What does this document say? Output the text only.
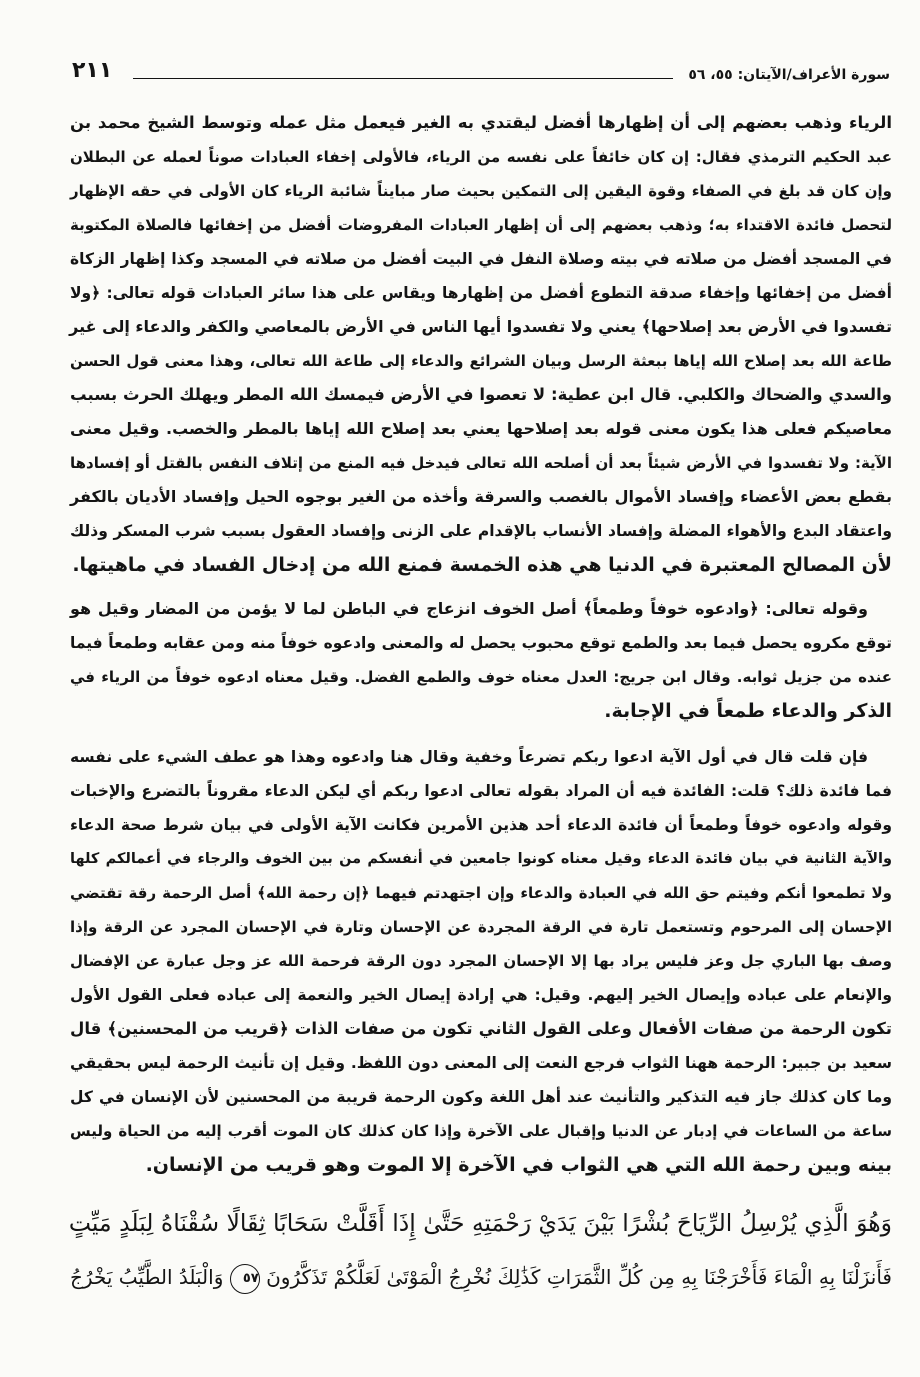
٢١١	سورة الأعراف/الآيتان: ٥٥، ٥٦
الرياء وذهب بعضهم إلى أن إظهارها أفضل ليقتدي به الغير فيعمل مثل عمله وتوسط الشيخ محمد بن
عبد الحكيم الترمذي فقال: إن كان خائفاً على نفسه من الرياء، فالأولى إخفاء العبادات صوناً لعمله عن البطلان
وإن كان قد بلغ في الصفاء وقوة اليقين إلى التمكين بحيث صار مبايناً شائبة الرياء كان الأولى في حقه الإظهار
لتحصل فائدة الاقتداء به؛ وذهب بعضهم إلى أن إظهار العبادات المفروضات أفضل من إخفائها فالصلاة المكتوبة
في المسجد أفضل من صلاته في بيته وصلاة النفل في البيت أفضل من صلاته في المسجد وكذا إظهار الزكاة
أفضل من إخفائها وإخفاء صدقة التطوع أفضل من إظهارها ويقاس على هذا سائر العبادات قوله تعالى: ﴿ولا
تفسدوا في الأرض بعد إصلاحها﴾ يعني ولا تفسدوا أيها الناس في الأرض بالمعاصي والكفر والدعاء إلى غير
طاعة الله بعد إصلاح الله إياها ببعثة الرسل وبيان الشرائع والدعاء إلى طاعة الله تعالى، وهذا معنى قول الحسن
والسدي والضحاك والكلبي. قال ابن عطية: لا تعصوا في الأرض فيمسك الله المطر ويهلك الحرث بسبب
معاصيكم فعلى هذا يكون معنى قوله بعد إصلاحها يعني بعد إصلاح الله إياها بالمطر والخصب. وقيل معنى
الآية: ولا تفسدوا في الأرض شيئاً بعد أن أصلحه الله تعالى فيدخل فيه المنع من إتلاف النفس بالقتل أو إفسادها
بقطع بعض الأعضاء وإفساد الأموال بالغصب والسرقة وأخذه من الغير بوجوه الحيل وإفساد الأديان بالكفر
واعتقاد البدع والأهواء المضلة وإفساد الأنساب بالإقدام على الزنى وإفساد العقول بسبب شرب المسكر وذلك
لأن المصالح المعتبرة في الدنيا هي هذه الخمسة فمنع الله من إدخال الفساد في ماهيتها.
وقوله تعالى: ﴿وادعوه خوفاً وطمعاً﴾ أصل الخوف انزعاج في الباطن لما لا يؤمن من المضار وقيل هو
توقع مكروه يحصل فيما بعد والطمع توقع محبوب يحصل له والمعنى وادعوه خوفاً منه ومن عقابه وطمعاً فيما
عنده من جزيل ثوابه. وقال ابن جريج: العدل معناه خوف والطمع الفضل. وقيل معناه ادعوه خوفاً من الرياء في
الذكر والدعاء طمعاً في الإجابة.
فإن قلت قال في أول الآية ادعوا ربكم تضرعاً وخفية وقال هنا وادعوه وهذا هو عطف الشيء على نفسه
فما فائدة ذلك؟ قلت: الفائدة فيه أن المراد بقوله تعالى ادعوا ربكم أي ليكن الدعاء مقروناً بالتضرع والإخبات
وقوله وادعوه خوفاً وطمعاً أن فائدة الدعاء أحد هذين الأمرين فكانت الآية الأولى في بيان شرط صحة الدعاء
والآية الثانية في بيان فائدة الدعاء وقيل معناه كونوا جامعين في أنفسكم من بين الخوف والرجاء في أعمالكم كلها
ولا تطمعوا أنكم وفيتم حق الله في العبادة والدعاء وإن اجتهدتم فيهما ﴿إن رحمة الله﴾ أصل الرحمة رقة تقتضي
الإحسان إلى المرحوم وتستعمل تارة في الرقة المجردة عن الإحسان وتارة في الإحسان المجرد عن الرقة وإذا
وصف بها الباري جل وعز فليس يراد بها إلا الإحسان المجرد دون الرقة فرحمة الله عز وجل عبارة عن الإفضال
والإنعام على عباده وإيصال الخير إليهم. وقيل: هي إرادة إيصال الخير والنعمة إلى عباده فعلى القول الأول
تكون الرحمة من صفات الأفعال وعلى القول الثاني تكون من صفات الذات ﴿قريب من المحسنين﴾ قال
سعيد بن جبير: الرحمة ههنا الثواب فرجع النعت إلى المعنى دون اللفظ. وقيل إن تأنيث الرحمة ليس بحقيقي
وما كان كذلك جاز فيه التذكير والتأنيث عند أهل اللغة وكون الرحمة قريبة من المحسنين لأن الإنسان في كل
ساعة من الساعات في إدبار عن الدنيا وإقبال على الآخرة وإذا كان كذلك كان الموت أقرب إليه من الحياة وليس
بينه وبين رحمة الله التي هي الثواب في الآخرة إلا الموت وهو قريب من الإنسان.
وَهُوَ الَّذِي يُرْسِلُ الرِّيَاحَ بُشْرًا بَيْنَ يَدَيْ رَحْمَتِهِ حَتَّىٰ إِذَا أَقَلَّتْ سَحَابًا ثِقَالًا سُقْنَاهُ لِبَلَدٍ مَيِّتٍ
فَأَنزَلْنَا بِهِ الْمَاءَ فَأَخْرَجْنَا بِهِ مِن كُلِّ الثَّمَرَاتِ كَذَٰلِكَ نُخْرِجُ الْمَوْتَىٰ لَعَلَّكُمْ تَذَكَّرُونَ ٥٧ وَالْبَلَدُ الطَّيِّبُ يَخْرُجُ
